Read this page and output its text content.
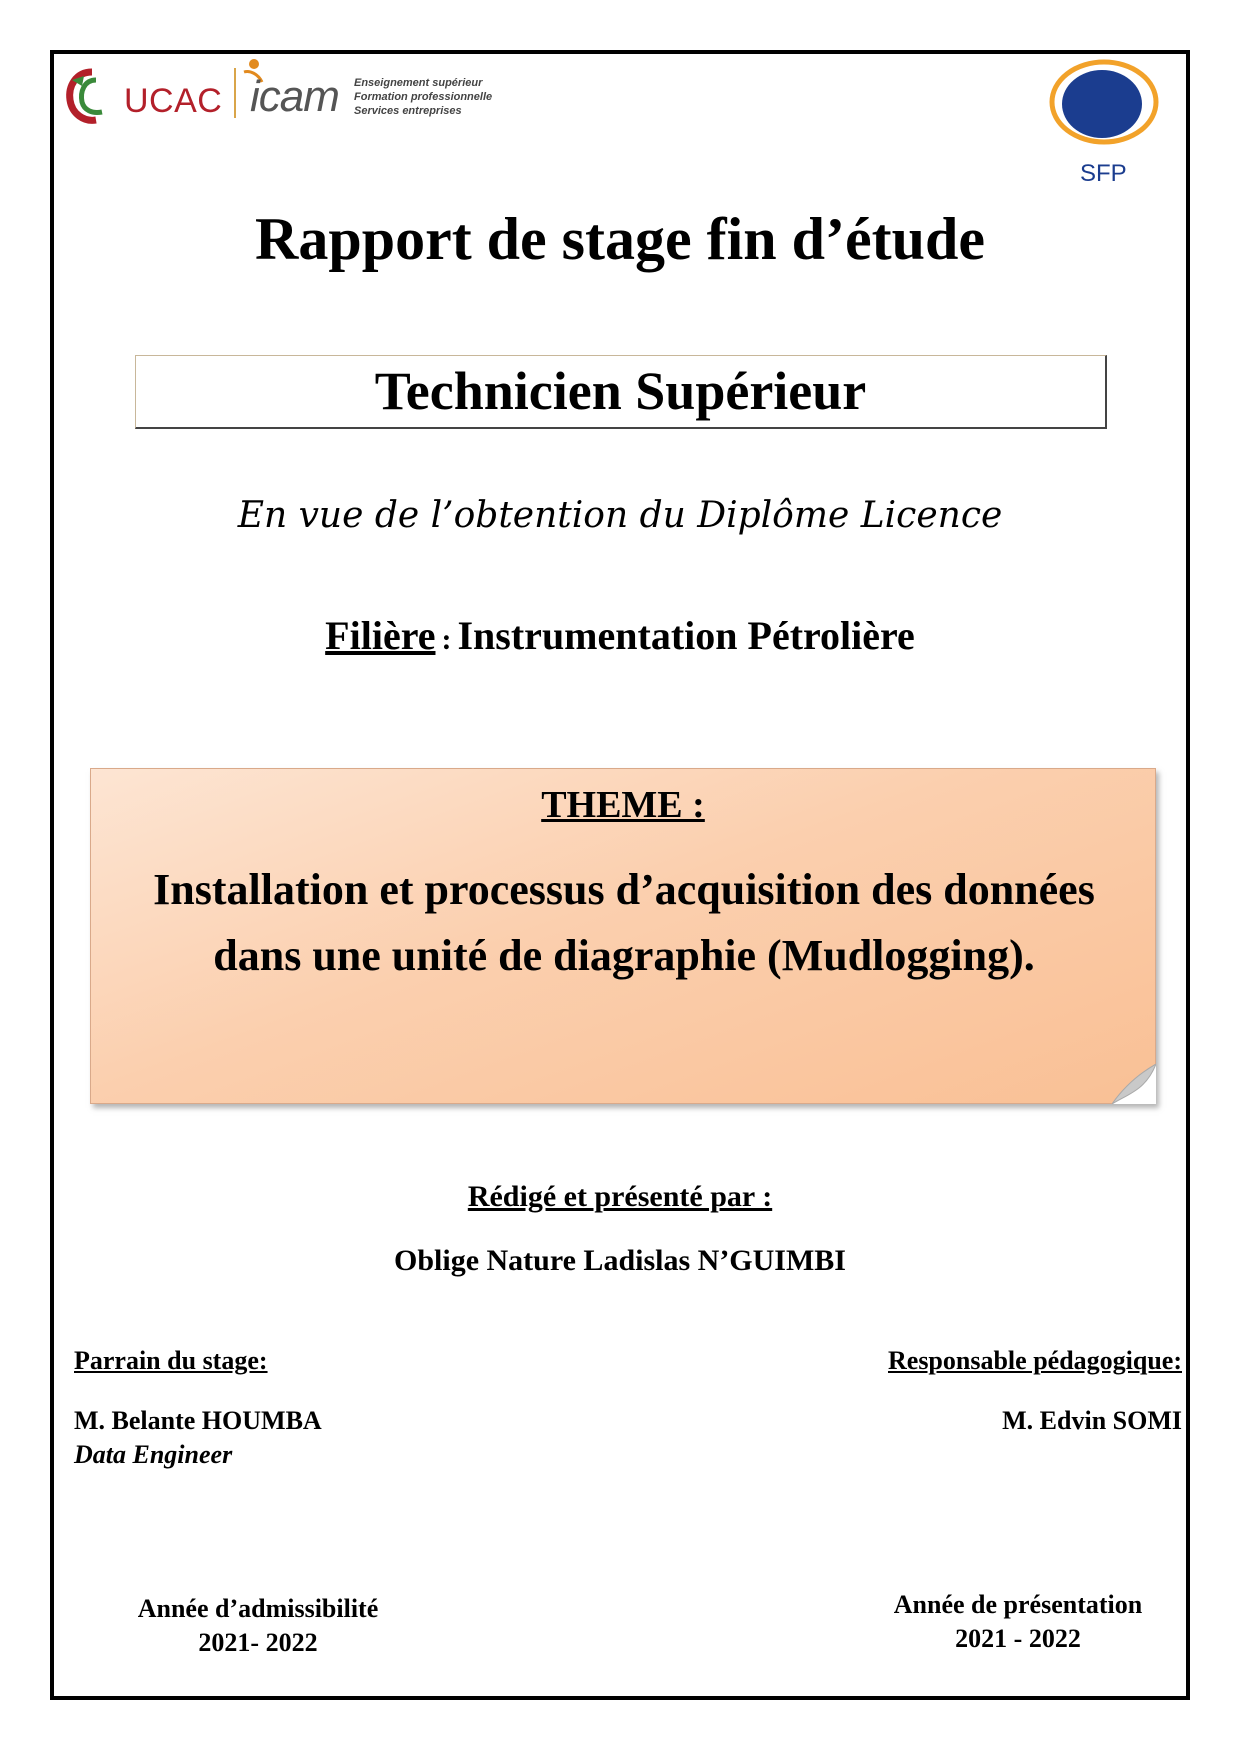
UCAC icam Enseignement supérieur
Formation professionnelle
Services entreprises
SFP
Rapport de stage fin d’étude
Technicien Supérieur
En vue de l’obtention du Diplôme Licence
Filière : Instrumentation Pétrolière
THEME :
Installation et processus d’acquisition des données dans une unité de diagraphie (Mudlogging).
Rédigé et présenté par :
Oblige Nature Ladislas N’GUIMBI
Parrain du stage:
M. Belante HOUMBA
Data Engineer
Responsable pédagogique:
M. Edvin SOMI
Année d’admissibilité
2021- 2022
Année de présentation
2021 - 2022
